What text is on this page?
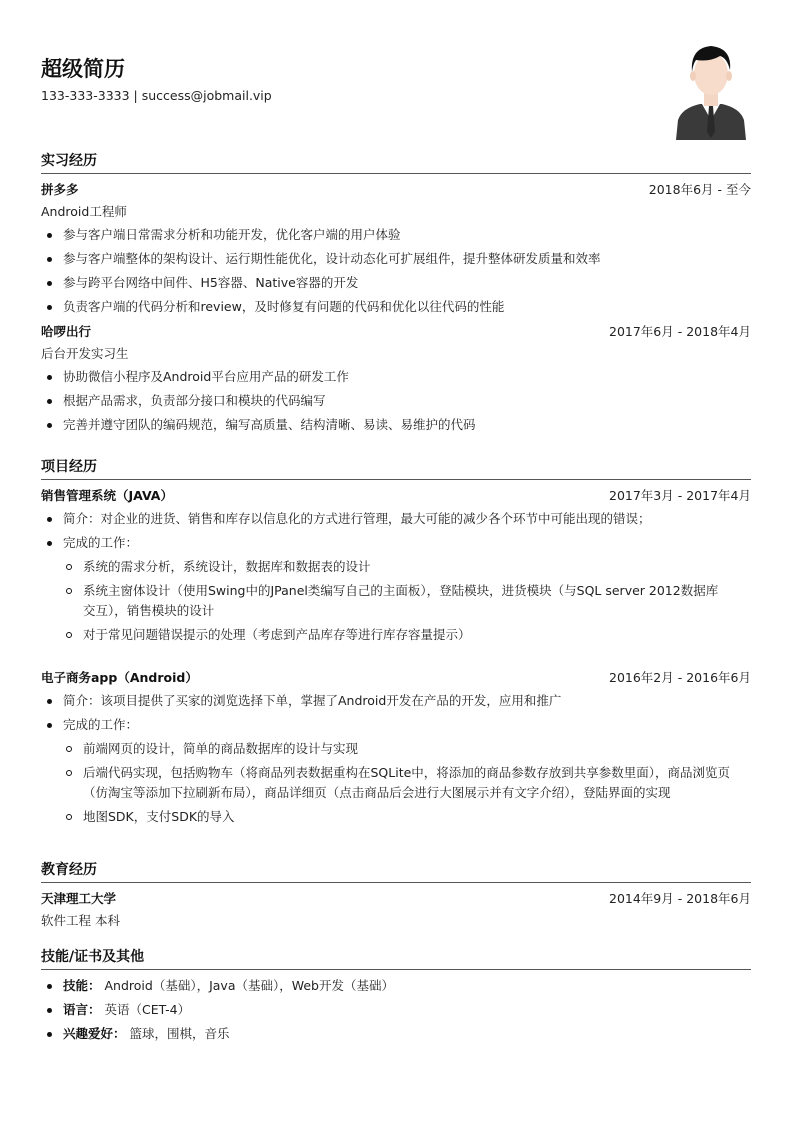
超级简历
133-333-3333 | success@jobmail.vip
实习经历
拼多多	2018年6月 - 至今
Android工程师
参与客户端日常需求分析和功能开发，优化客户端的用户体验
参与客户端整体的架构设计、运行期性能优化，设计动态化可扩展组件，提升整体研发质量和效率
参与跨平台网络中间件、H5容器、Native容器的开发
负责客户端的代码分析和review，及时修复有问题的代码和优化以往代码的性能
哈啰出行	2017年6月 - 2018年4月
后台开发实习生
协助微信小程序及Android平台应用产品的研发工作
根据产品需求，负责部分接口和模块的代码编写
完善并遵守团队的编码规范，编写高质量、结构清晰、易读、易维护的代码
项目经历
销售管理系统（JAVA）	2017年3月 - 2017年4月
简介：对企业的进货、销售和库存以信息化的方式进行管理，最大可能的减少各个环节中可能出现的错误；
完成的工作：
系统的需求分析，系统设计，数据库和数据表的设计
系统主窗体设计（使用Swing中的JPanel类编写自己的主面板），登陆模块，进货模块（与SQL server 2012数据库交互），销售模块的设计
对于常见问题错误提示的处理（考虑到产品库存等进行库存容量提示）
电子商务app（Android）	2016年2月 - 2016年6月
简介：该项目提供了买家的浏览选择下单，掌握了Android开发在产品的开发，应用和推广
完成的工作：
前端网页的设计，简单的商品数据库的设计与实现
后端代码实现，包括购物车（将商品列表数据重构在SQLite中，将添加的商品参数存放到共享参数里面），商品浏览页（仿淘宝等添加下拉刷新布局），商品详细页（点击商品后会进行大图展示并有文字介绍），登陆界面的实现
地图SDK，支付SDK的导入
教育经历
天津理工大学	2014年9月 - 2018年6月
软件工程 本科
技能/证书及其他
技能： Android（基础），Java（基础），Web开发（基础）
语言： 英语（CET-4）
兴趣爱好： 篮球，围棋，音乐
